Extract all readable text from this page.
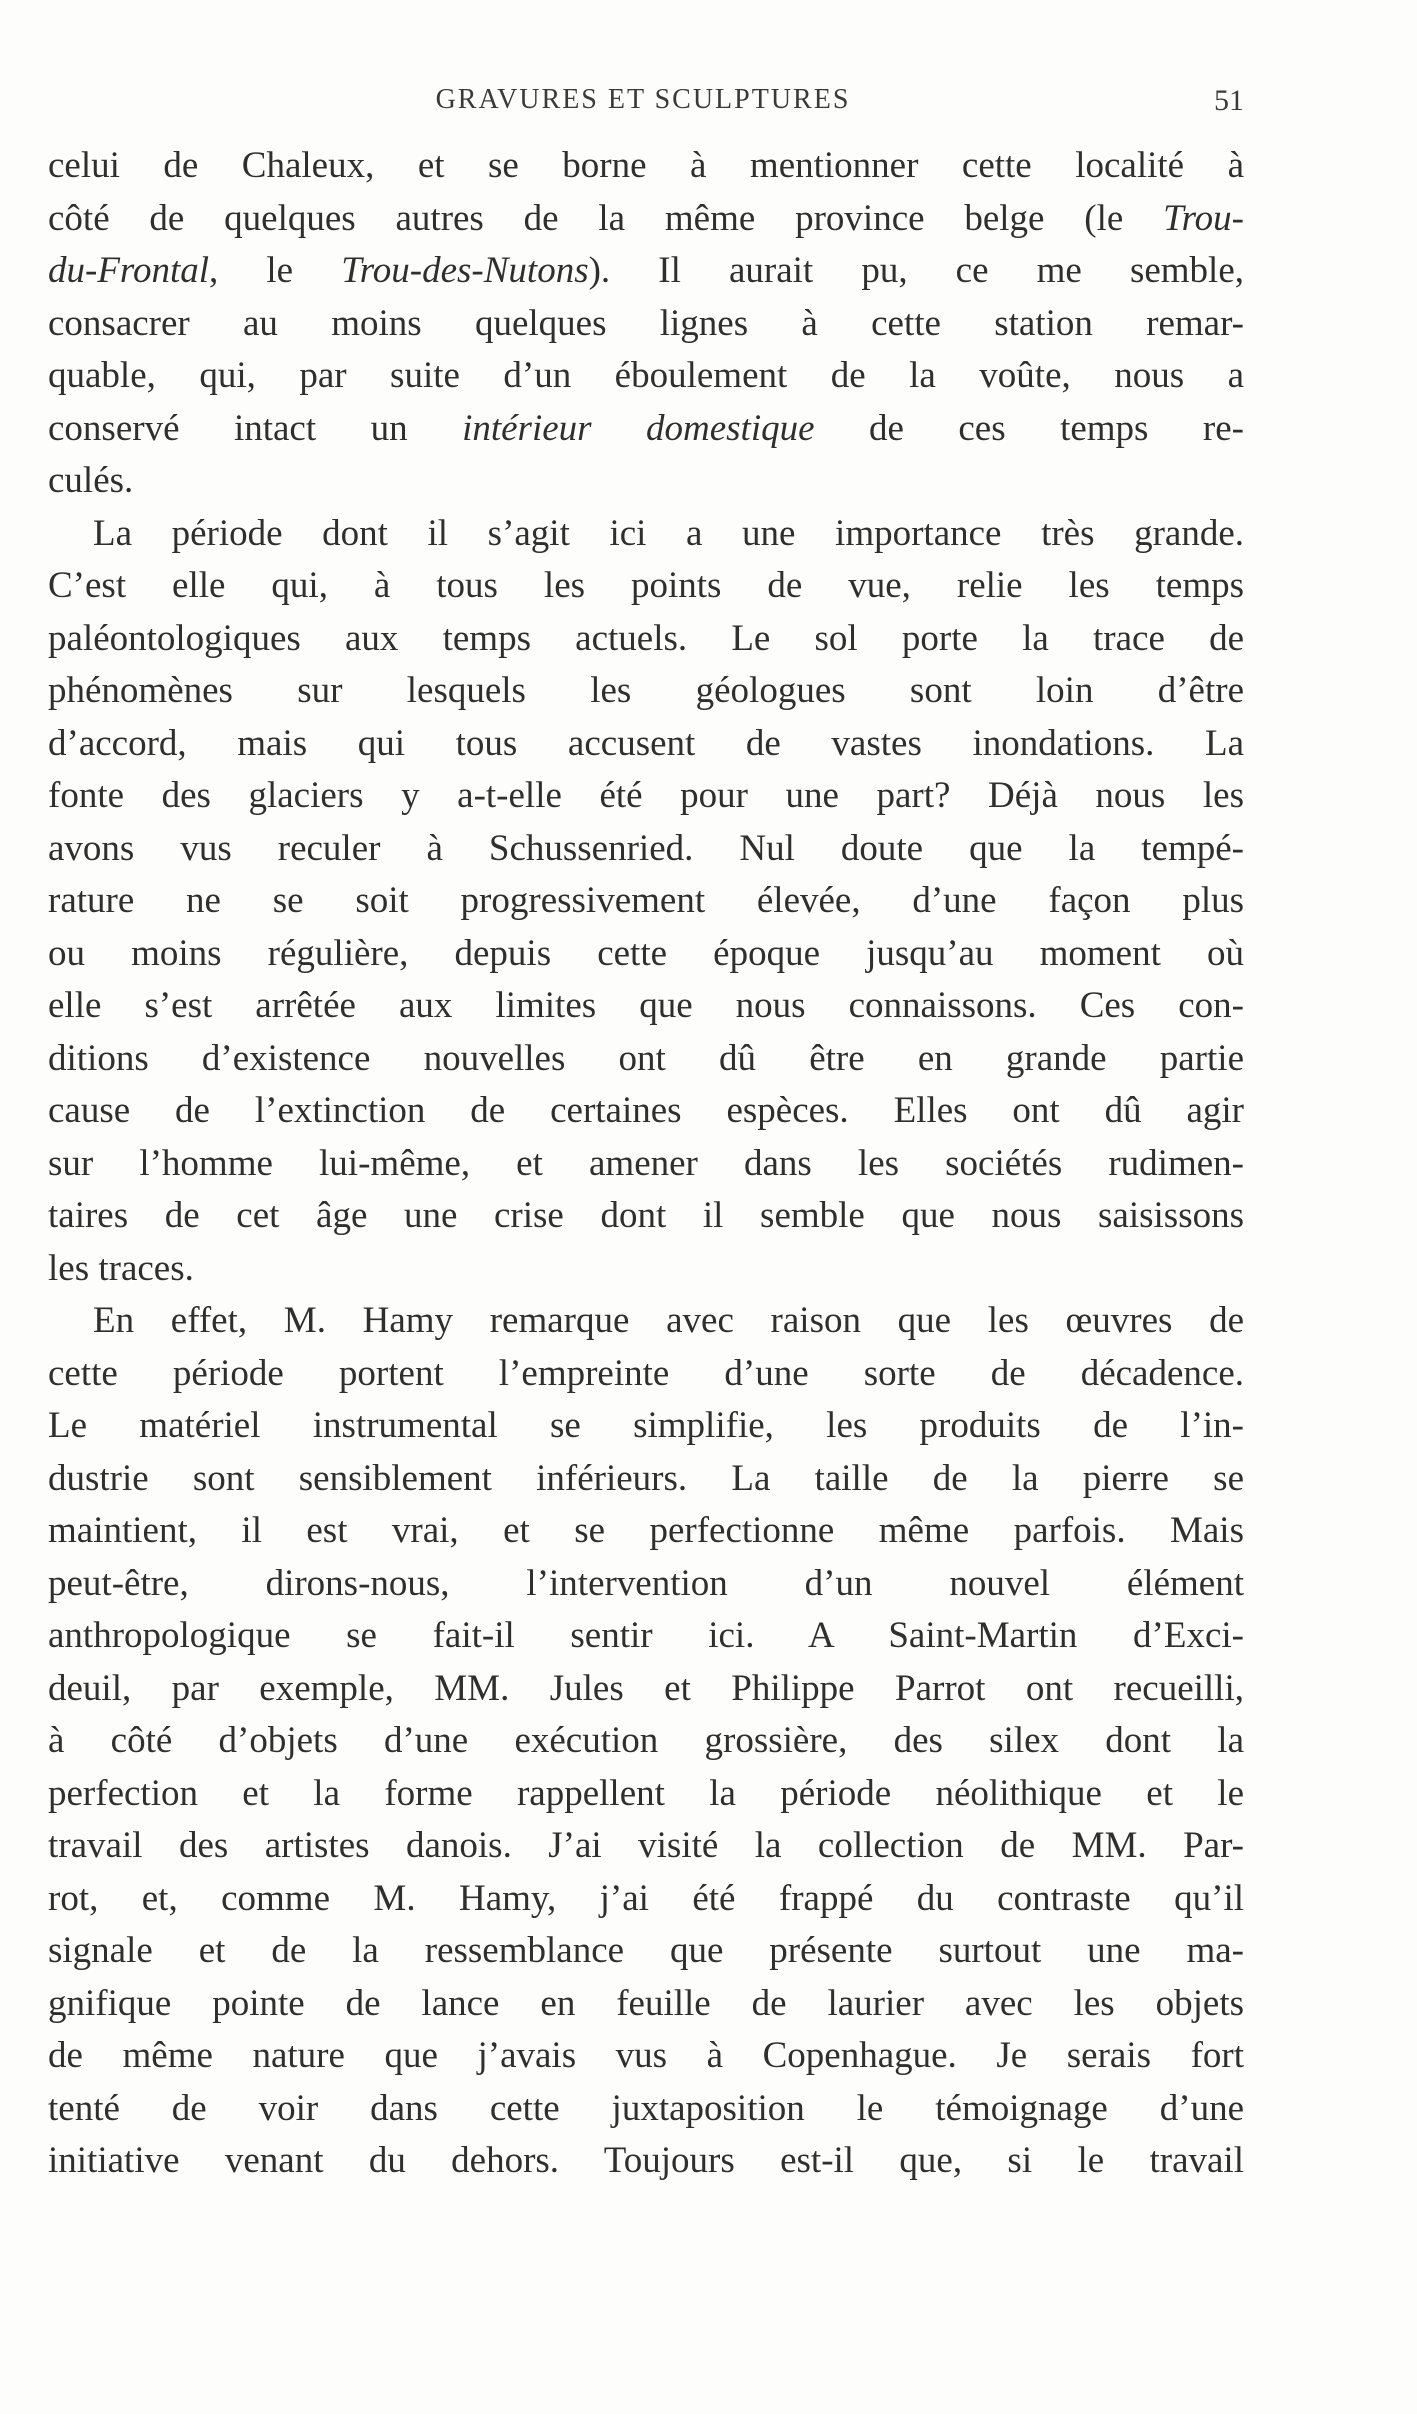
GRAVURES ET SCULPTURES	51
celui de Chaleux, et se borne à mentionner cette localité à
côté de quelques autres de la même province belge (le Trou-
du-Frontal, le Trou-des-Nutons). Il aurait pu, ce me semble,
consacrer au moins quelques lignes à cette station remar-
quable, qui, par suite d’un éboulement de la voûte, nous a
conservé intact un intérieur domestique de ces temps re-
culés.
La période dont il s’agit ici a une importance très grande.
C’est elle qui, à tous les points de vue, relie les temps
paléontologiques aux temps actuels. Le sol porte la trace de
phénomènes sur lesquels les géologues sont loin d’être
d’accord, mais qui tous accusent de vastes inondations. La
fonte des glaciers y a-t-elle été pour une part? Déjà nous les
avons vus reculer à Schussenried. Nul doute que la tempé-
rature ne se soit progressivement élevée, d’une façon plus
ou moins régulière, depuis cette époque jusqu’au moment où
elle s’est arrêtée aux limites que nous connaissons. Ces con-
ditions d’existence nouvelles ont dû être en grande partie
cause de l’extinction de certaines espèces. Elles ont dû agir
sur l’homme lui-même, et amener dans les sociétés rudimen-
taires de cet âge une crise dont il semble que nous saisissons
les traces.
En effet, M. Hamy remarque avec raison que les œuvres de
cette période portent l’empreinte d’une sorte de décadence.
Le matériel instrumental se simplifie, les produits de l’in-
dustrie sont sensiblement inférieurs. La taille de la pierre se
maintient, il est vrai, et se perfectionne même parfois. Mais
peut-être, dirons-nous, l’intervention d’un nouvel élément
anthropologique se fait-il sentir ici. A Saint-Martin d’Exci-
deuil, par exemple, MM. Jules et Philippe Parrot ont recueilli,
à côté d’objets d’une exécution grossière, des silex dont la
perfection et la forme rappellent la période néolithique et le
travail des artistes danois. J’ai visité la collection de MM. Par-
rot, et, comme M. Hamy, j’ai été frappé du contraste qu’il
signale et de la ressemblance que présente surtout une ma-
gnifique pointe de lance en feuille de laurier avec les objets
de même nature que j’avais vus à Copenhague. Je serais fort
tenté de voir dans cette juxtaposition le témoignage d’une
initiative venant du dehors. Toujours est-il que, si le travail
